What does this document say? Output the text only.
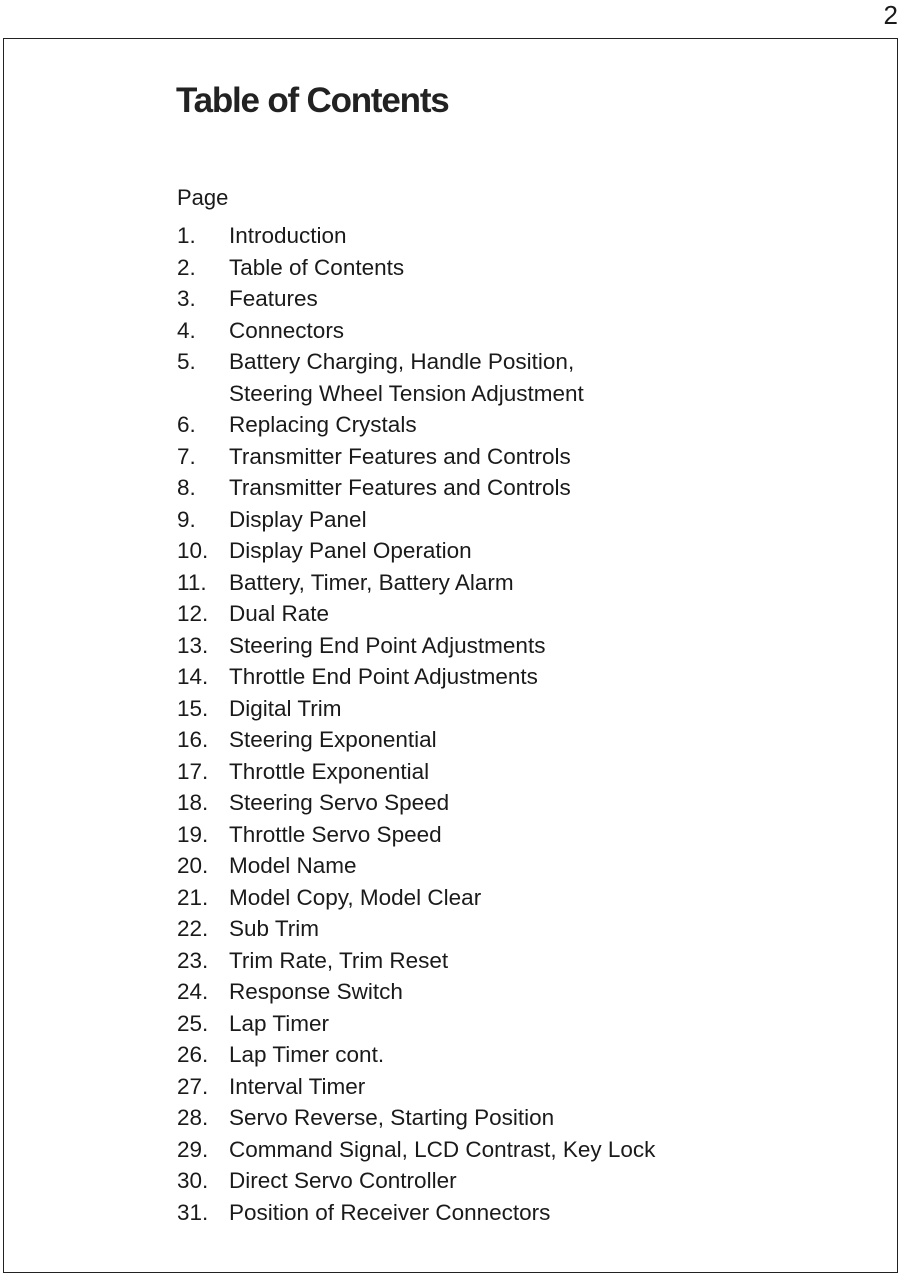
2
Table of Contents
Page
1.	Introduction
2.	Table of Contents
3.	Features
4.	Connectors
5.	Battery Charging, Handle Position,
Steering Wheel Tension Adjustment
6.	Replacing Crystals
7.	Transmitter Features and Controls
8.	Transmitter Features and Controls
9.	Display Panel
10. Display Panel Operation
11. Battery, Timer, Battery Alarm
12. Dual Rate
13. Steering End Point Adjustments
14. Throttle End Point Adjustments
15. Digital Trim
16. Steering Exponential
17. Throttle Exponential
18. Steering Servo Speed
19. Throttle Servo Speed
20. Model Name
21. Model Copy, Model Clear
22. Sub Trim
23. Trim Rate, Trim Reset
24. Response Switch
25. Lap Timer
26. Lap Timer cont.
27. Interval Timer
28. Servo Reverse, Starting Position
29. Command Signal, LCD Contrast, Key Lock
30. Direct Servo Controller
31. Position of Receiver Connectors
